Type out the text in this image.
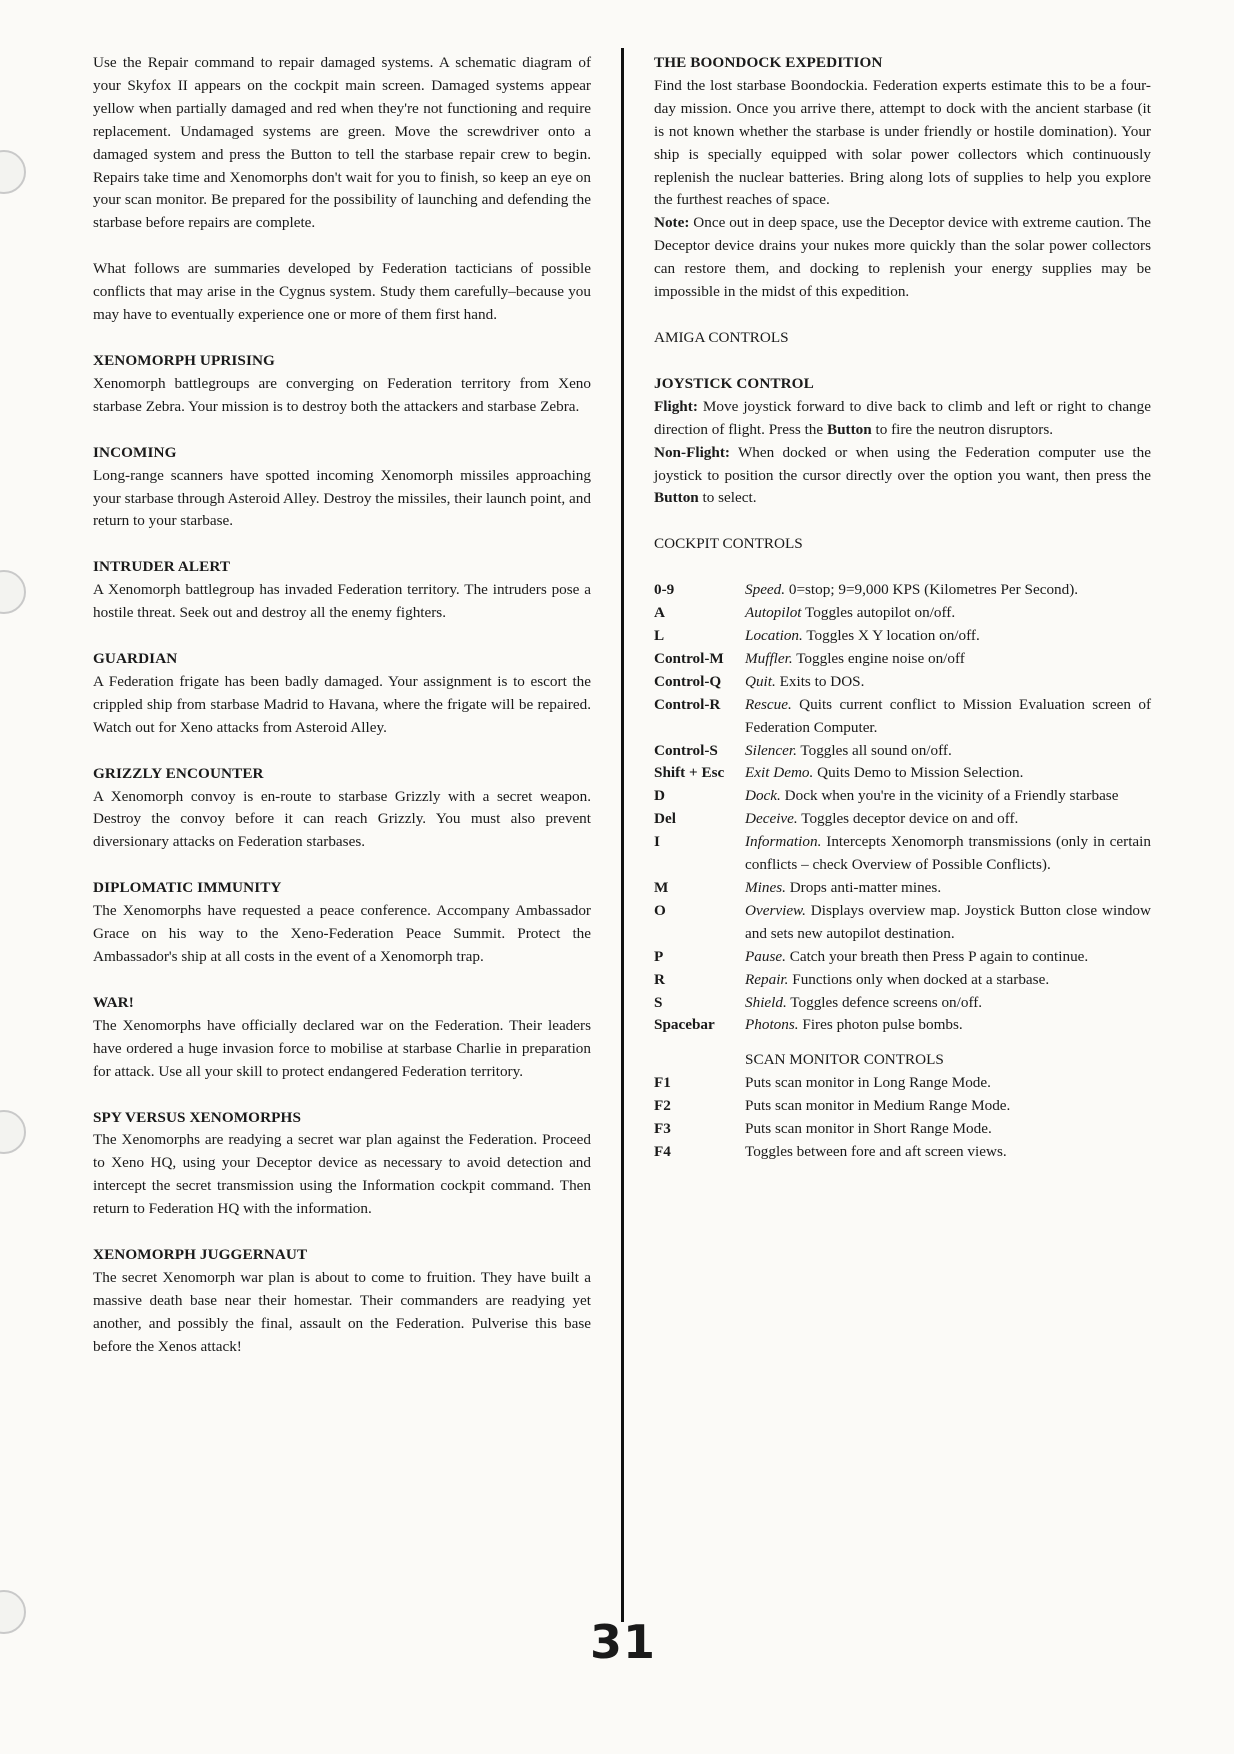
Use the Repair command to repair damaged systems. A schematic diagram of your Skyfox II appears on the cockpit main screen. Damaged systems appear yellow when partially damaged and red when they're not functioning and require replacement. Undamaged systems are green. Move the screwdriver onto a damaged system and press the Button to tell the starbase repair crew to begin. Repairs take time and Xenomorphs don't wait for you to finish, so keep an eye on your scan monitor. Be prepared for the possibility of launching and defending the starbase before repairs are complete.

What follows are summaries developed by Federation tacticians of possible conflicts that may arise in the Cygnus system. Study them carefully–because you may have to eventually experience one or more of them first hand.

XENOMORPH UPRISING

Xenomorph battlegroups are converging on Federation territory from Xeno starbase Zebra. Your mission is to destroy both the attackers and starbase Zebra.

INCOMING

Long-range scanners have spotted incoming Xenomorph missiles approaching your starbase through Asteroid Alley. Destroy the missiles, their launch point, and return to your starbase.

INTRUDER ALERT

A Xenomorph battlegroup has invaded Federation territory. The intruders pose a hostile threat. Seek out and destroy all the enemy fighters.

GUARDIAN

A Federation frigate has been badly damaged. Your assignment is to escort the crippled ship from starbase Madrid to Havana, where the frigate will be repaired. Watch out for Xeno attacks from Asteroid Alley.

GRIZZLY ENCOUNTER

A Xenomorph convoy is en-route to starbase Grizzly with a secret weapon. Destroy the convoy before it can reach Grizzly. You must also prevent diversionary attacks on Federation starbases.

DIPLOMATIC IMMUNITY

The Xenomorphs have requested a peace conference. Accompany Ambassador Grace on his way to the Xeno-Federation Peace Summit. Protect the Ambassador's ship at all costs in the event of a Xenomorph trap.

WAR!

The Xenomorphs have officially declared war on the Federation. Their leaders have ordered a huge invasion force to mobilise at starbase Charlie in preparation for attack. Use all your skill to protect endangered Federation territory.

SPY VERSUS XENOMORPHS

The Xenomorphs are readying a secret war plan against the Federation. Proceed to Xeno HQ, using your Deceptor device as necessary to avoid detection and intercept the secret transmission using the Information cockpit command. Then return to Federation HQ with the information.

XENOMORPH JUGGERNAUT

The secret Xenomorph war plan is about to come to fruition. They have built a massive death base near their homestar. Their commanders are readying yet another, and possibly the final, assault on the Federation. Pulverise this base before the Xenos attack!

THE BOONDOCK EXPEDITION

Find the lost starbase Boondockia. Federation experts estimate this to be a four-day mission. Once you arrive there, attempt to dock with the ancient starbase (it is not known whether the starbase is under friendly or hostile domination). Your ship is specially equipped with solar power collectors which continuously replenish the nuclear batteries. Bring along lots of supplies to help you explore the furthest reaches of space.

Note: Once out in deep space, use the Deceptor device with extreme caution. The Deceptor device drains your nukes more quickly than the solar power collectors can restore them, and docking to replenish your energy supplies may be impossible in the midst of this expedition.

AMIGA CONTROLS

JOYSTICK CONTROL

Flight: Move joystick forward to dive back to climb and left or right to change direction of flight. Press the Button to fire the neutron disruptors.

Non-Flight: When docked or when using the Federation computer use the joystick to position the cursor directly over the option you want, then press the Button to select.

COCKPIT CONTROLS

0-9	Speed. 0=stop; 9=9,000 KPS (Kilometres Per Second).
A	Autopilot Toggles autopilot on/off.
L	Location. Toggles X Y location on/off.
Control-M	Muffler. Toggles engine noise on/off
Control-Q	Quit. Exits to DOS.
Control-R	Rescue. Quits current conflict to Mission Evaluation screen of Federation Computer.
Control-S	Silencer. Toggles all sound on/off.
Shift + Esc	Exit Demo. Quits Demo to Mission Selection.
D	Dock. Dock when you're in the vicinity of a Friendly starbase
Del	Deceive. Toggles deceptor device on and off.
I	Information. Intercepts Xenomorph transmissions (only in certain conflicts – check Overview of Possible Conflicts).
M	Mines. Drops anti-matter mines.
O	Overview. Displays overview map. Joystick Button close window and sets new autopilot destination.
P	Pause. Catch your breath then Press P again to continue.
R	Repair. Functions only when docked at a starbase.
S	Shield. Toggles defence screens on/off.
Spacebar	Photons. Fires photon pulse bombs.

SCAN MONITOR CONTROLS

F1	Puts scan monitor in Long Range Mode.
F2	Puts scan monitor in Medium Range Mode.
F3	Puts scan monitor in Short Range Mode.
F4	Toggles between fore and aft screen views.
31
